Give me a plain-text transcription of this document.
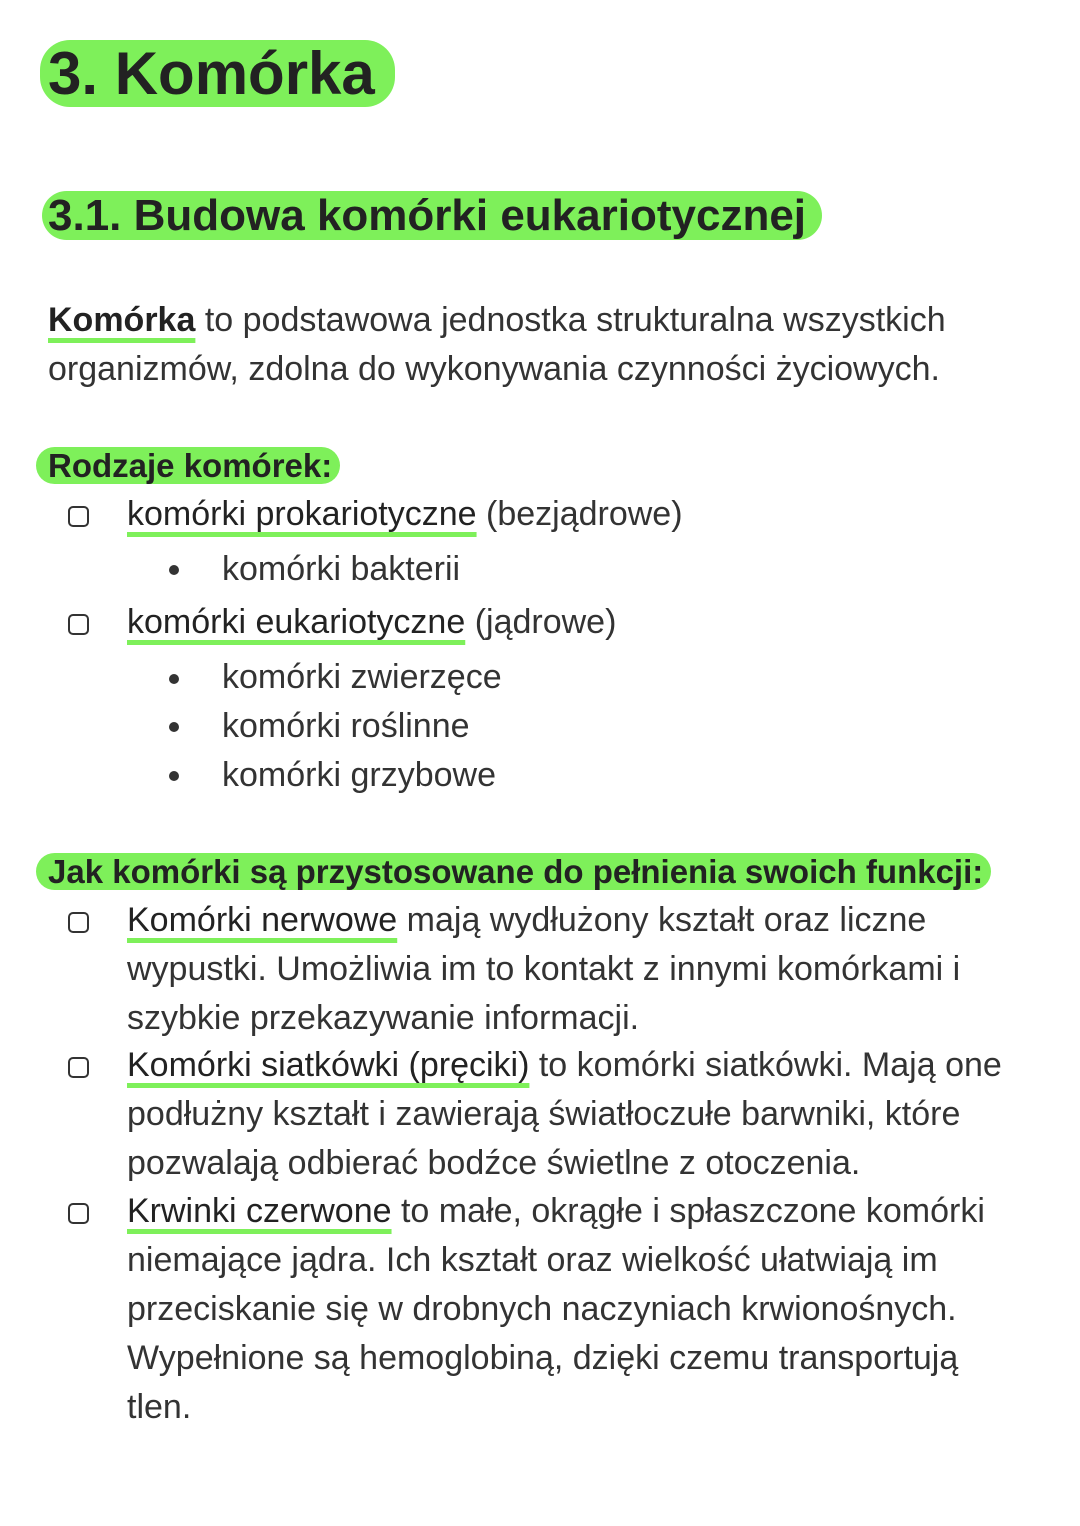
3. Komórka
3.1. Budowa komórki eukariotycznej
Komórka to podstawowa jednostka strukturalna wszystkich organizmów, zdolna do wykonywania czynności życiowych.
Rodzaje komórek:
komórki prokariotyczne (bezjądrowe)
komórki bakterii
komórki eukariotyczne (jądrowe)
komórki zwierzęce
komórki roślinne
komórki grzybowe
Jak komórki są przystosowane do pełnienia swoich funkcji:
Komórki nerwowe mają wydłużony kształt oraz liczne wypustki. Umożliwia im to kontakt z innymi komórkami i szybkie przekazywanie informacji.
Komórki siatkówki (pręciki) to komórki siatkówki. Mają one podłużny kształt i zawierają światłoczułe barwniki, które pozwalają odbierać bodźce świetlne z otoczenia.
Krwinki czerwone to małe, okrągłe i spłaszczone komórki niemające jądra. Ich kształt oraz wielkość ułatwiają im przeciskanie się w drobnych naczyniach krwionośnych. Wypełnione są hemoglobiną, dzięki czemu transportują tlen.
